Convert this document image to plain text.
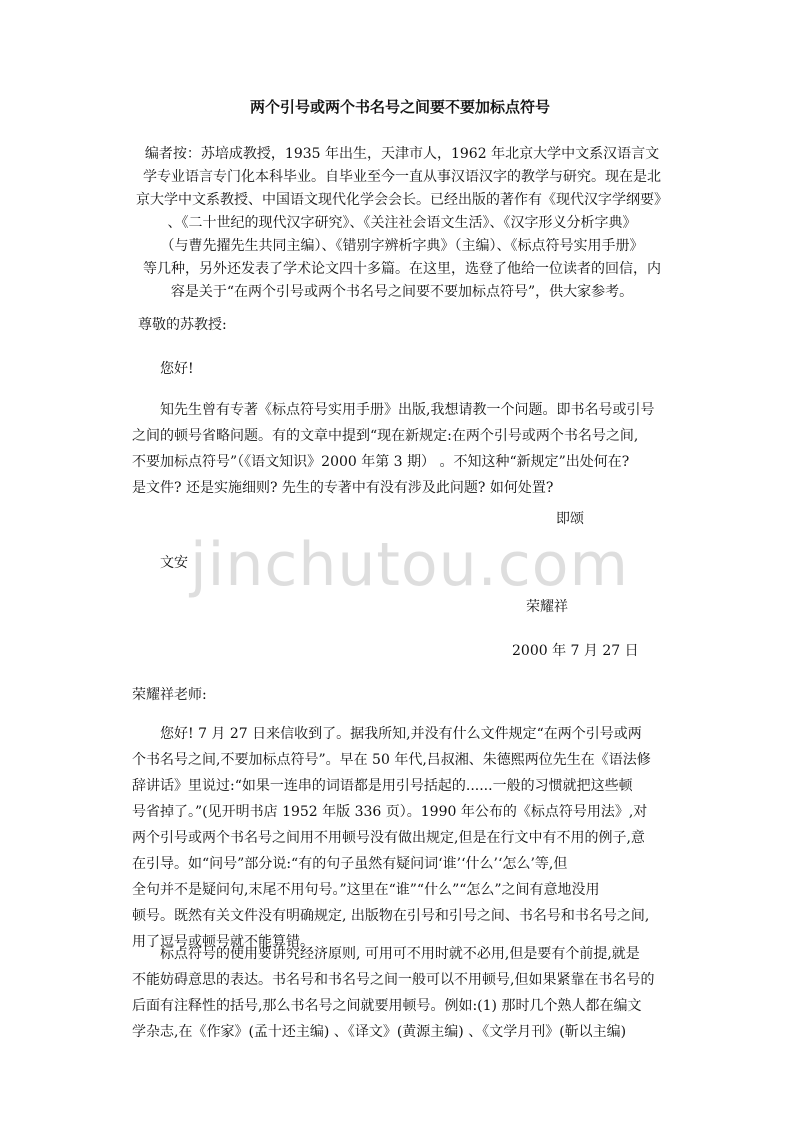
两个引号或两个书名号之间要不要加标点符号
编者按：苏培成教授，1935 年出生，天津市人，1962 年北京大学中文系汉语言文
学专业语言专门化本科毕业。自毕业至今一直从事汉语汉字的教学与研究。现在是北
京大学中文系教授、中国语文现代化学会会长。已经出版的著作有《现代汉字学纲要》
、《二十世纪的现代汉字研究》、《关注社会语文生活》、《汉字形义分析字典》
（与曹先擢先生共同主编）、《错别字辨析字典》（主编）、《标点符号实用手册》
等几种，另外还发表了学术论文四十多篇。在这里，选登了他给一位读者的回信，内
容是关于“在两个引号或两个书名号之间要不要加标点符号”，供大家参考。
尊敬的苏教授:
您好!
知先生曾有专著《标点符号实用手册》出版,我想请教一个问题。即书名号或引号
之间的顿号省略问题。有的文章中提到“现在新规定:在两个引号或两个书名号之间,
不要加标点符号”（《语文知识》2000 年第 3 期） 。不知这种“新规定”出处何在?
是文件? 还是实施细则? 先生的专著中有没有涉及此问题? 如何处置?
即颂
文安
荣耀祥
2000 年 7 月 27 日
荣耀祥老师:
您好! 7 月 27 日来信收到了。据我所知,并没有什么文件规定“在两个引号或两
个书名号之间,不要加标点符号”。早在 50 年代,吕叔湘、朱德熙两位先生在《语法修
辞讲话》里说过:“如果一连串的词语都是用引号括起的......一般的习惯就把这些顿
号省掉了。”(见开明书店 1952 年版 336 页）。1990 年公布的《标点符号用法》,对
两个引号或两个书名号之间用不用顿号没有做出规定,但是在行文中有不用的例子,意
在引导。如“问号”部分说:“有的句子虽然有疑问词‘谁’‘什么’‘怎么’等,但
全句并不是疑问句,末尾不用句号。”这里在“谁”“什么”“怎么”之间有意地没用
顿号。既然有关文件没有明确规定, 出版物在引号和引号之间、书名号和书名号之间,
用了逗号或顿号就不能算错。
标点符号的使用要讲究经济原则, 可用可不用时就不必用,但是要有个前提,就是
不能妨碍意思的表达。书名号和书名号之间一般可以不用顿号,但如果紧靠在书名号的
后面有注释性的括号,那么书名号之间就要用顿号。例如:(1) 那时几个熟人都在编文
学杂志,在《作家》(孟十还主编) 、《译文》(黄源主编) 、《文学月刊》(靳以主编)
jinchutou.com
